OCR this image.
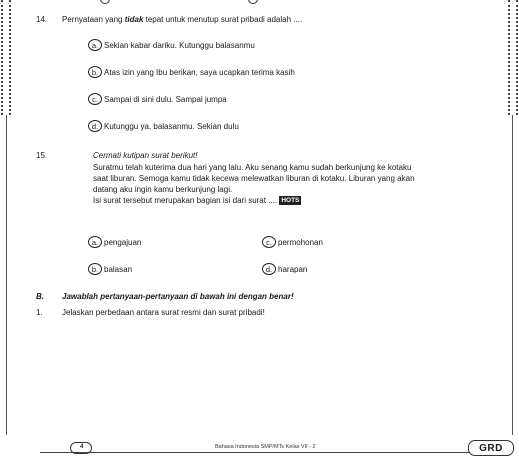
14. Pernyataan yang tidak tepat untuk menutup surat pribadi adalah ....
a. Sekian kabar dariku. Kutunggu balasanmu
b. Atas izin yang Ibu berikan, saya ucapkan terima kasih
c. Sampai di sini dulu. Sampai jumpa
d. Kutunggu ya, balasanmu. Sekian dulu
15.	Cermati kutipan surat berikut!
Suratmu telah kuterima dua hari yang lalu. Aku senang kamu sudah berkunjung ke kotaku
saat liburan. Semoga kamu tidak kecewa melewatkan liburan di kotaku. Liburan yang akan
datang aku ingin kamu berkunjung lagi.
Isi surat tersebut merupakan bagian isi dari surat .... HOTS
a. pengajuan	c. permohonan
b. balasan	d. harapan
B. Jawablah pertanyaan-pertanyaan di bawah ini dengan benar!
1. Jelaskan perbedaan antara surat resmi dan surat pribadi!
4	Bahasa Indonesia SMP/MTs Kelas VII - 2	GRD
